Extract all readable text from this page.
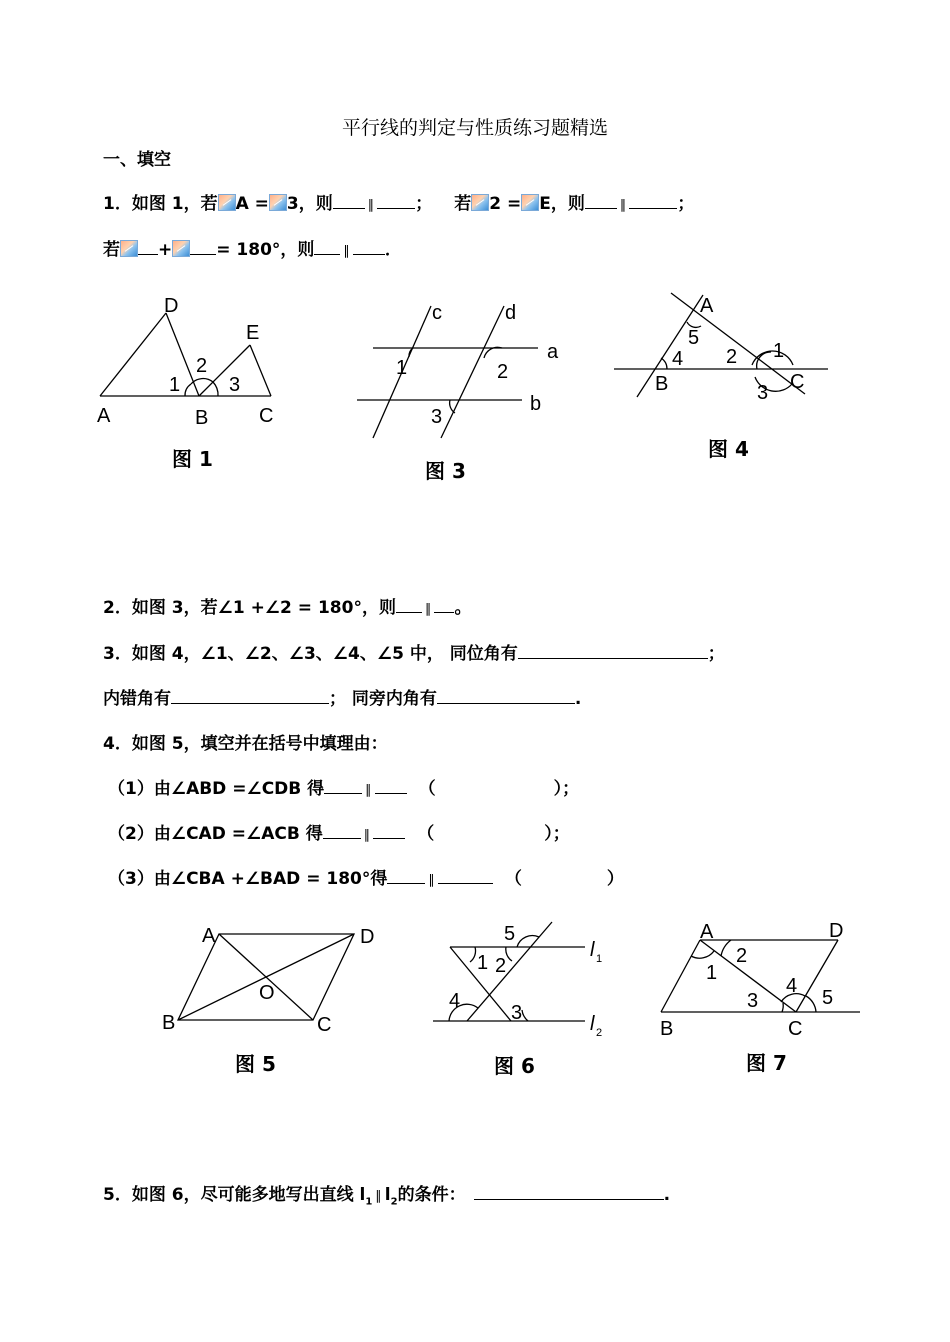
平行线的判定与性质练习题精选
一、填空
1．如图 1，若 A = 3，则	∥ ； 若 2 = E，则	∥	；
若 +	= 180°，则 ∥ ．
D
E
2
1 3
A	B	C
c	d
a
1	2
b
3
A
5
4 2 1
B	3 C
图 1	图 3
图 4
2．如图 3，若∠1 +∠2 = 180°，则 ∥ 。
3．如图 4，∠1、∠2、∠3、∠4、∠5 中， 同位角有	；
内错角有	； 同旁内角有	.
4．如图 5，填空并在括号中填理由：
（1）由∠ABD =∠CDB 得	∥	（	）；
（2）由∠CAD =∠ACB 得	∥	（	）；
（3）由∠CBA +∠BAD = 180°得	∥	（	）
A	D
O
B	C
5
1 2
4
3
l 1
l 2
A	D
2
1
4
3	5
B	C
图 5	图 6	图 7
5．如图 6，尽可能多地写出直线 $l_1$ ∥ $l_2$的条件：	.
